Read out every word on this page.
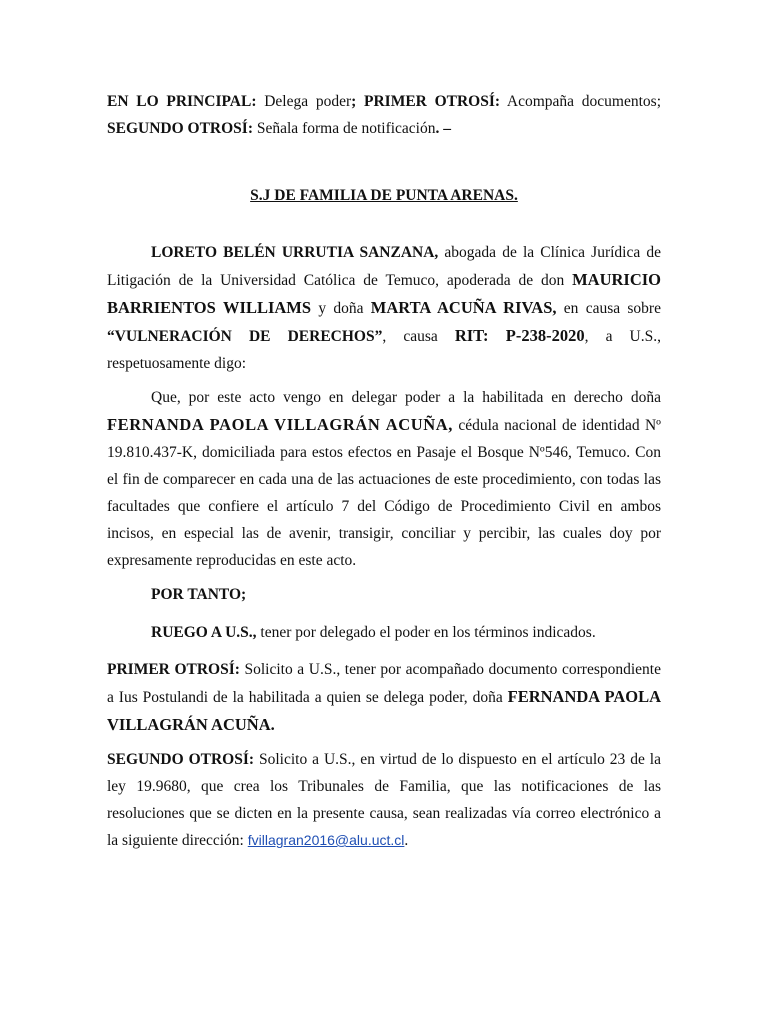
EN LO PRINCIPAL: Delega poder; PRIMER OTROSÍ: Acompaña documentos; SEGUNDO OTROSÍ: Señala forma de notificación. –
S.J DE FAMILIA DE PUNTA ARENAS.
LORETO BELÉN URRUTIA SANZANA, abogada de la Clínica Jurídica de Litigación de la Universidad Católica de Temuco, apoderada de don MAURICIO BARRIENTOS WILLIAMS y doña MARTA ACUÑA RIVAS, en causa sobre “VULNERACIÓN DE DERECHOS”, causa RIT: P-238-2020, a U.S., respetuosamente digo:
Que, por este acto vengo en delegar poder a la habilitada en derecho doña FERNANDA PAOLA VILLAGRÁN ACUÑA, cédula nacional de identidad Nº 19.810.437-K, domiciliada para estos efectos en Pasaje el Bosque Nº546, Temuco. Con el fin de comparecer en cada una de las actuaciones de este procedimiento, con todas las facultades que confiere el artículo 7 del Código de Procedimiento Civil en ambos incisos, en especial las de avenir, transigir, conciliar y percibir, las cuales doy por expresamente reproducidas en este acto.
POR TANTO;
RUEGO A U.S., tener por delegado el poder en los términos indicados.
PRIMER OTROSÍ: Solicito a U.S., tener por acompañado documento correspondiente a Ius Postulandi de la habilitada a quien se delega poder, doña FERNANDA PAOLA VILLAGRÁN ACUÑA.
SEGUNDO OTROSÍ: Solicito a U.S., en virtud de lo dispuesto en el artículo 23 de la ley 19.9680, que crea los Tribunales de Familia, que las notificaciones de las resoluciones que se dicten en la presente causa, sean realizadas vía correo electrónico a la siguiente dirección: fvillagran2016@alu.uct.cl.
